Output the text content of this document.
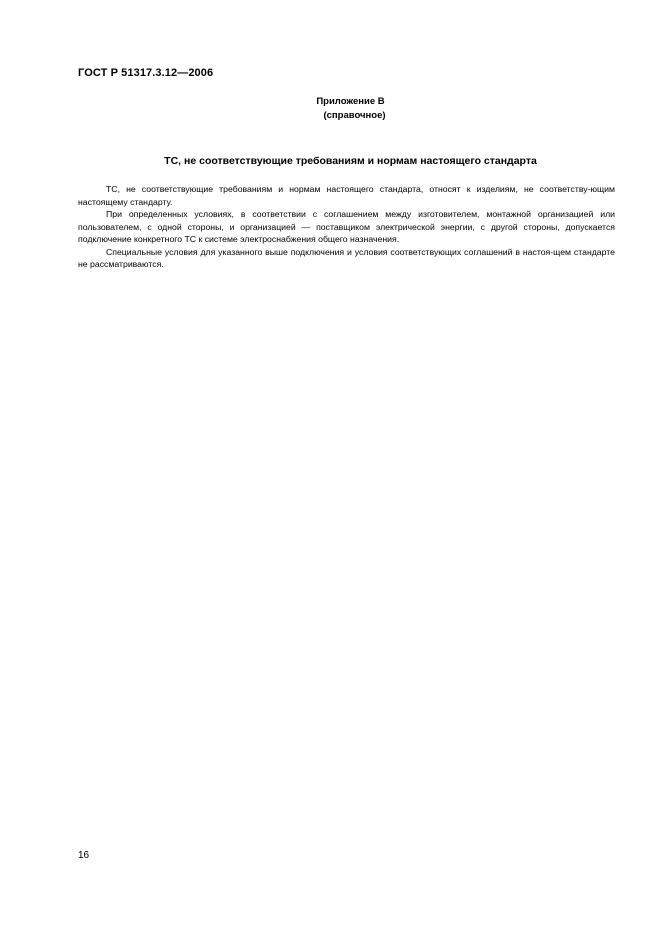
ГОСТ Р 51317.3.12—2006
Приложение В
(справочное)
ТС, не соответствующие требованиям и нормам настоящего стандарта

ТС, не соответствующие требованиям и нормам настоящего стандарта, относят к изделиям, не соответству-ющим настоящему стандарту.

При определенных условиях, в соответствии с соглашением между изготовителем, монтажной организацией или пользователем, с одной стороны, и организацией — поставщиком электрической энергии, с другой стороны, допускается подключение конкретного ТС к системе электроснабжения общего назначения.

Специальные условия для указанного выше подключения и условия соответствующих соглашений в настоя-щем стандарте не рассматриваются.

16
